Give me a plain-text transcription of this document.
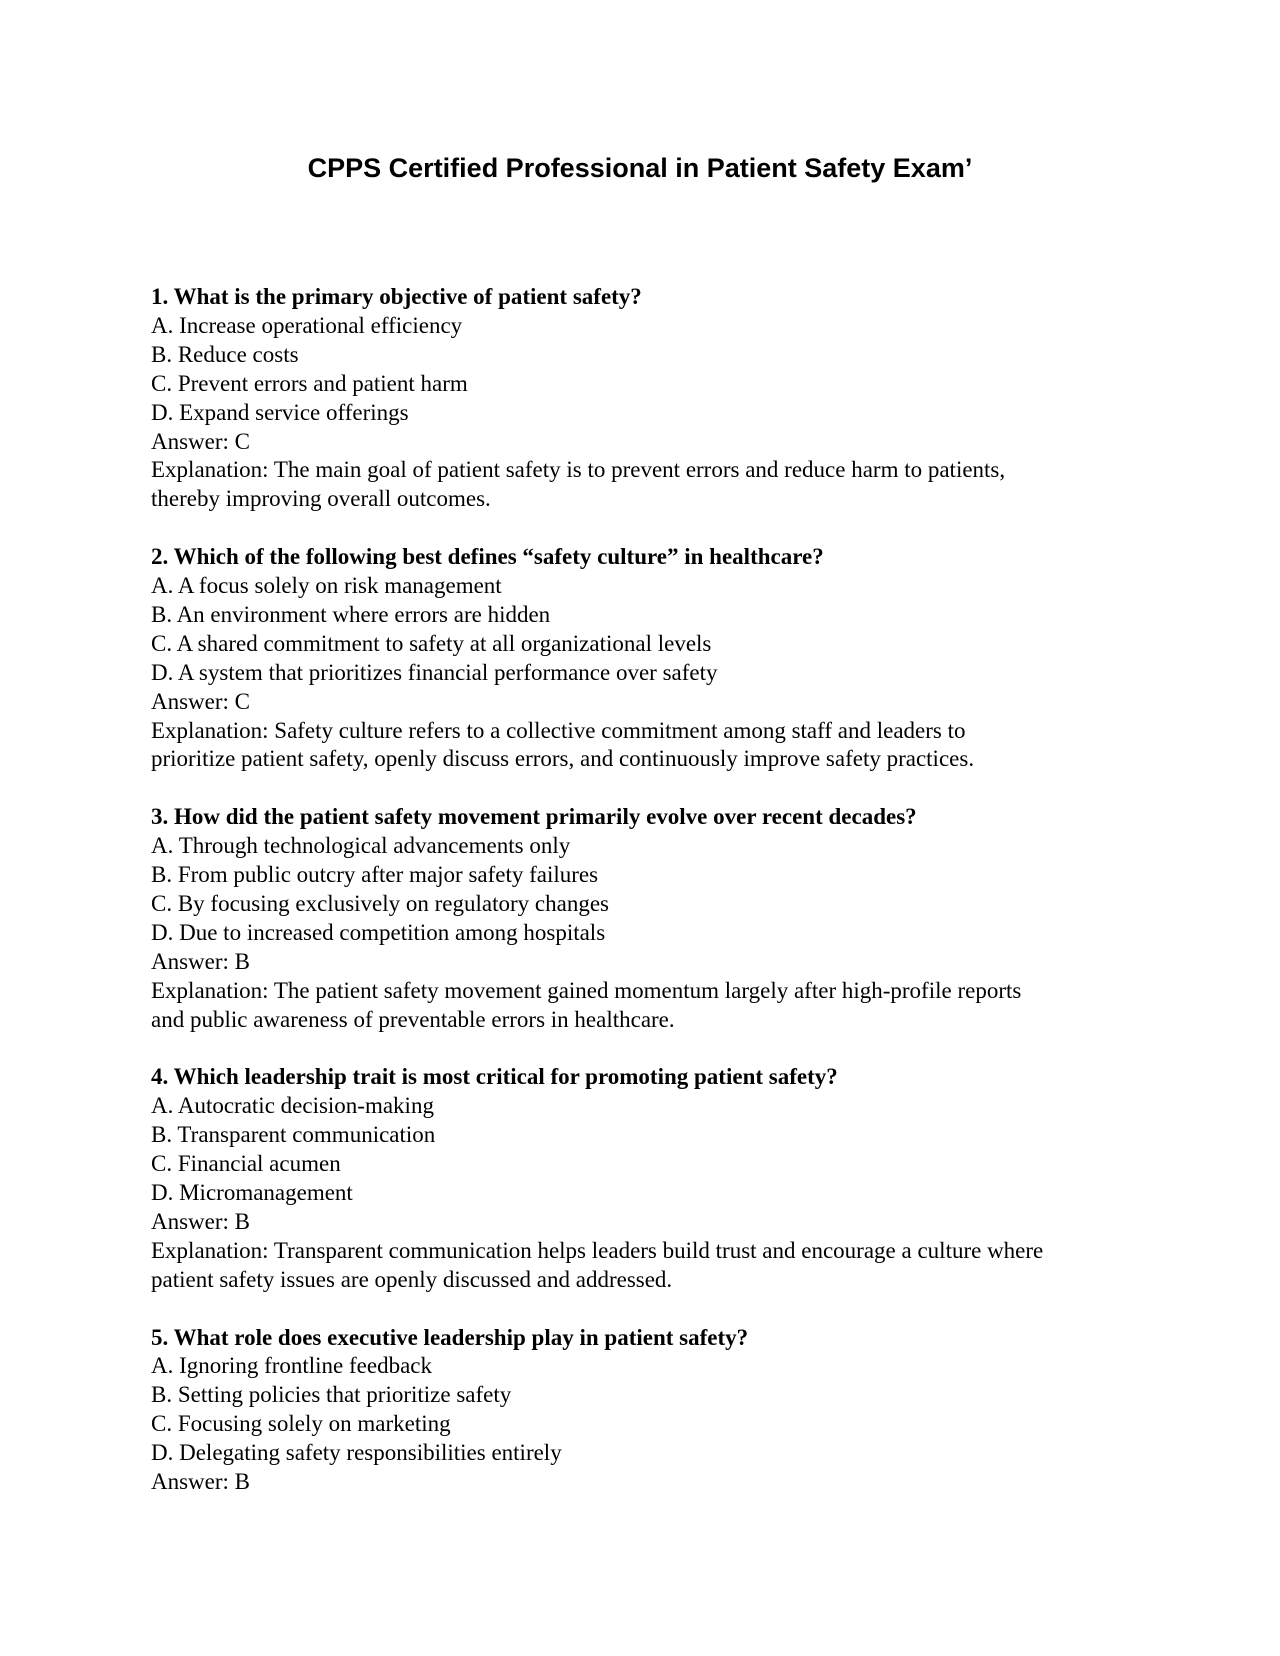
CPPS Certified Professional in Patient Safety Exam’

1. What is the primary objective of patient safety?

A. Increase operational efficiency

B. Reduce costs

C. Prevent errors and patient harm

D. Expand service offerings

Answer: C

Explanation: The main goal of patient safety is to prevent errors and reduce harm to patients,
thereby improving overall outcomes.

2. Which of the following best defines “safety culture” in healthcare?

A. A focus solely on risk management

B. An environment where errors are hidden

C. A shared commitment to safety at all organizational levels

D. A system that prioritizes financial performance over safety

Answer: C

Explanation: Safety culture refers to a collective commitment among staff and leaders to
prioritize patient safety, openly discuss errors, and continuously improve safety practices.

3. How did the patient safety movement primarily evolve over recent decades?

A. Through technological advancements only

B. From public outcry after major safety failures

C. By focusing exclusively on regulatory changes

D. Due to increased competition among hospitals

Answer: B

Explanation: The patient safety movement gained momentum largely after high-profile reports
and public awareness of preventable errors in healthcare.

4. Which leadership trait is most critical for promoting patient safety?

A. Autocratic decision-making

B. Transparent communication

C. Financial acumen

D. Micromanagement

Answer: B

Explanation: Transparent communication helps leaders build trust and encourage a culture where
patient safety issues are openly discussed and addressed.

5. What role does executive leadership play in patient safety?

A. Ignoring frontline feedback

B. Setting policies that prioritize safety

C. Focusing solely on marketing

D. Delegating safety responsibilities entirely

Answer: B
